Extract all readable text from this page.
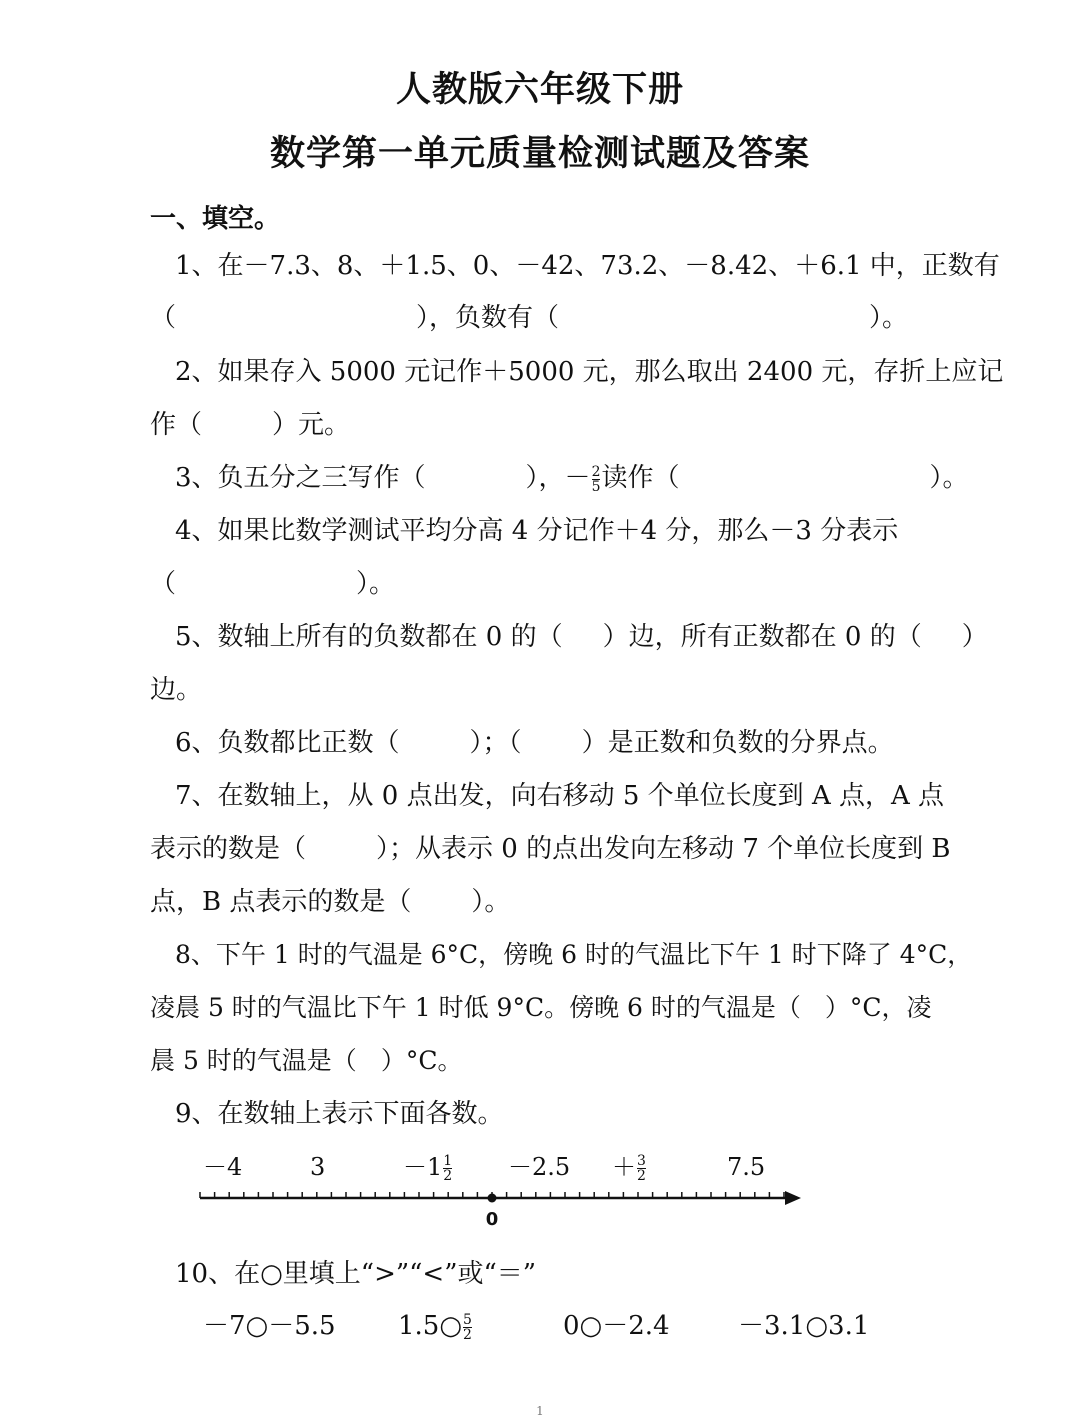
人教版六年级下册
数学第一单元质量检测试题及答案
一、填空。
1、在－7.3、8、＋1.5、0、－42、73.2、－8.42、＋6.1 中，正数有
（	），负数有（	）。
2、如果存入 5000 元记作＋5000 元，那么取出 2400 元，存折上应记
作（	）元。
3、负五分之三写作（	），－ $\frac{2}{5}$ 读作（	）。
4、如果比数学测试平均分高 4 分记作＋4 分，那么－3 分表示
（	）。
5、数轴上所有的负数都在 0 的（ ）边，所有正数都在 0 的（ ）
边。
6、负数都比正数（	）；（ ）是正数和负数的分界点。
7、在数轴上，从 0 点出发，向右移动 5 个单位长度到 A 点，A 点
表示的数是（	）；从表示 0 的点出发向左移动 7 个单位长度到 B
点，B 点表示的数是（ ）。
8、下午 1 时的气温是 6°C，傍晚 6 时的气温比下午 1 时下降了 4°C，
凌晨 5 时的气温比下午 1 时低 9°C。傍晚 6 时的气温是（ ）°C，凌
晨 5 时的气温是（ ）°C。
9、在数轴上表示下面各数。
－4	3	$-1 \frac{1}{2} -2.5 + \frac{3}{2}$	7.5
0
10、在○里填上“>”“<”或“＝”
－7○－5.5 1.5○ $\frac{5}{2}$	0○－2.4	－3.1○3.1
1
